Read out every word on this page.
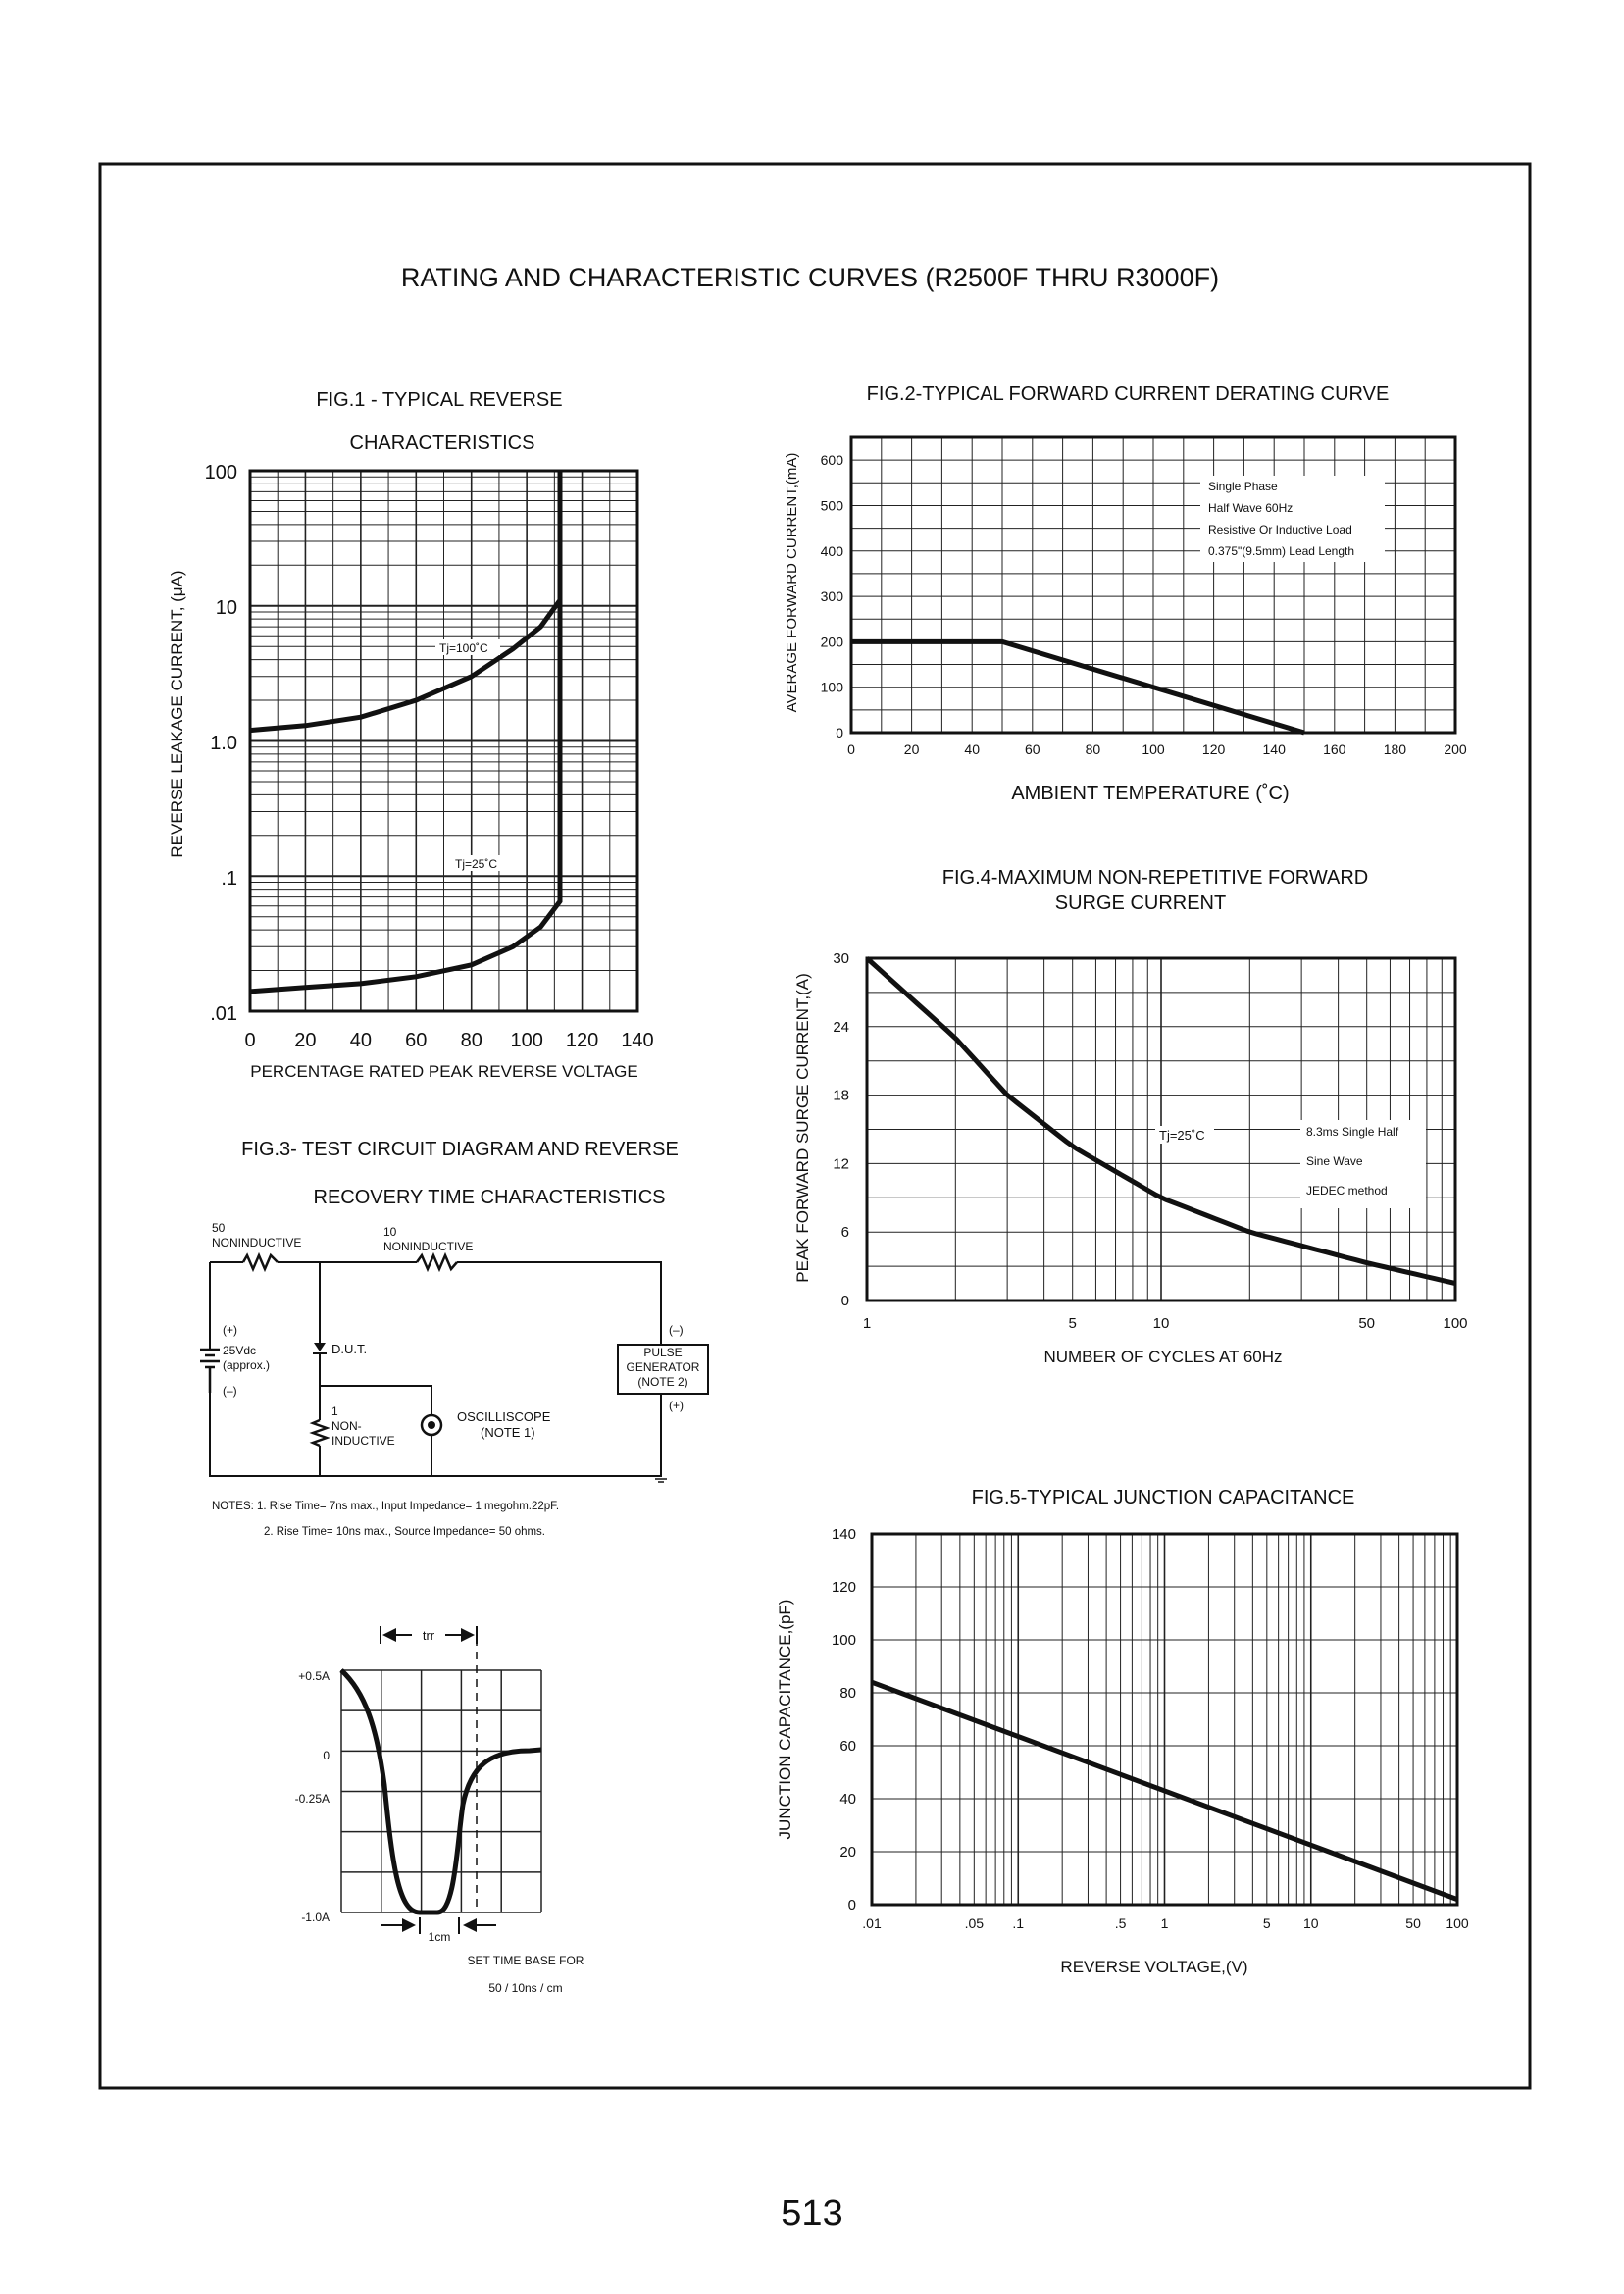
RATING AND CHARACTERISTIC CURVES (R2500F THRU R3000F)
FIG.1 - TYPICAL REVERSE
CHARACTERISTICS
Tj=100˚C
Tj=25˚C
100
10
1.0
.1
.01
0 20 40 60 80 100 120 140
PERCENTAGE RATED PEAK REVERSE VOLTAGE
REVERSE LEAKAGE CURRENT, (μA)
FIG.2-TYPICAL FORWARD CURRENT DERATING CURVE
Single Phase
Half Wave 60Hz
Resistive Or Inductive Load
0.375"(9.5mm) Lead Length
600
500
400
300
200
100
0
0	20	40	60	80	100	120	140	160	180	200
AMBIENT TEMPERATURE (˚C)
AVERAGE FORWARD CURRENT,(mA)
FIG.4-MAXIMUM NON-REPETITIVE FORWARD
SURGE CURRENT
Tj=25˚C	8.3ms Single Half
Sine Wave
JEDEC method
30
24
18
12
6
0
1	5	10	50	100
NUMBER OF CYCLES AT 60Hz
PEAK FORWARD SURGE CURRENT,(A)
FIG.5-TYPICAL JUNCTION CAPACITANCE
140
120
100
80
60
40
20
0
.01	.05 .1	.5	1	5 10	50 100
REVERSE VOLTAGE,(V)
JUNCTION CAPACITANCE,(pF)
FIG.3- TEST CIRCUIT DIAGRAM AND REVERSE
RECOVERY TIME CHARACTERISTICS
50
NONINDUCTIVE
10
NONINDUCTIVE
(+)
25Vdc
(approx.)
(–)
D.U.T.
1
NON-
INDUCTIVE
OSCILLISCOPE
(NOTE 1)
PULSE
GENERATOR
(NOTE 2)
(–)
(+)
NOTES: 1. Rise Time= 7ns max., Input Impedance= 1 megohm.22pF.
2. Rise Time= 10ns max., Source Impedance= 50 ohms.
trr
+0.5A
0
-0.25A
-1.0A
1cm
SET TIME BASE FOR
50 / 10ns / cm
513
